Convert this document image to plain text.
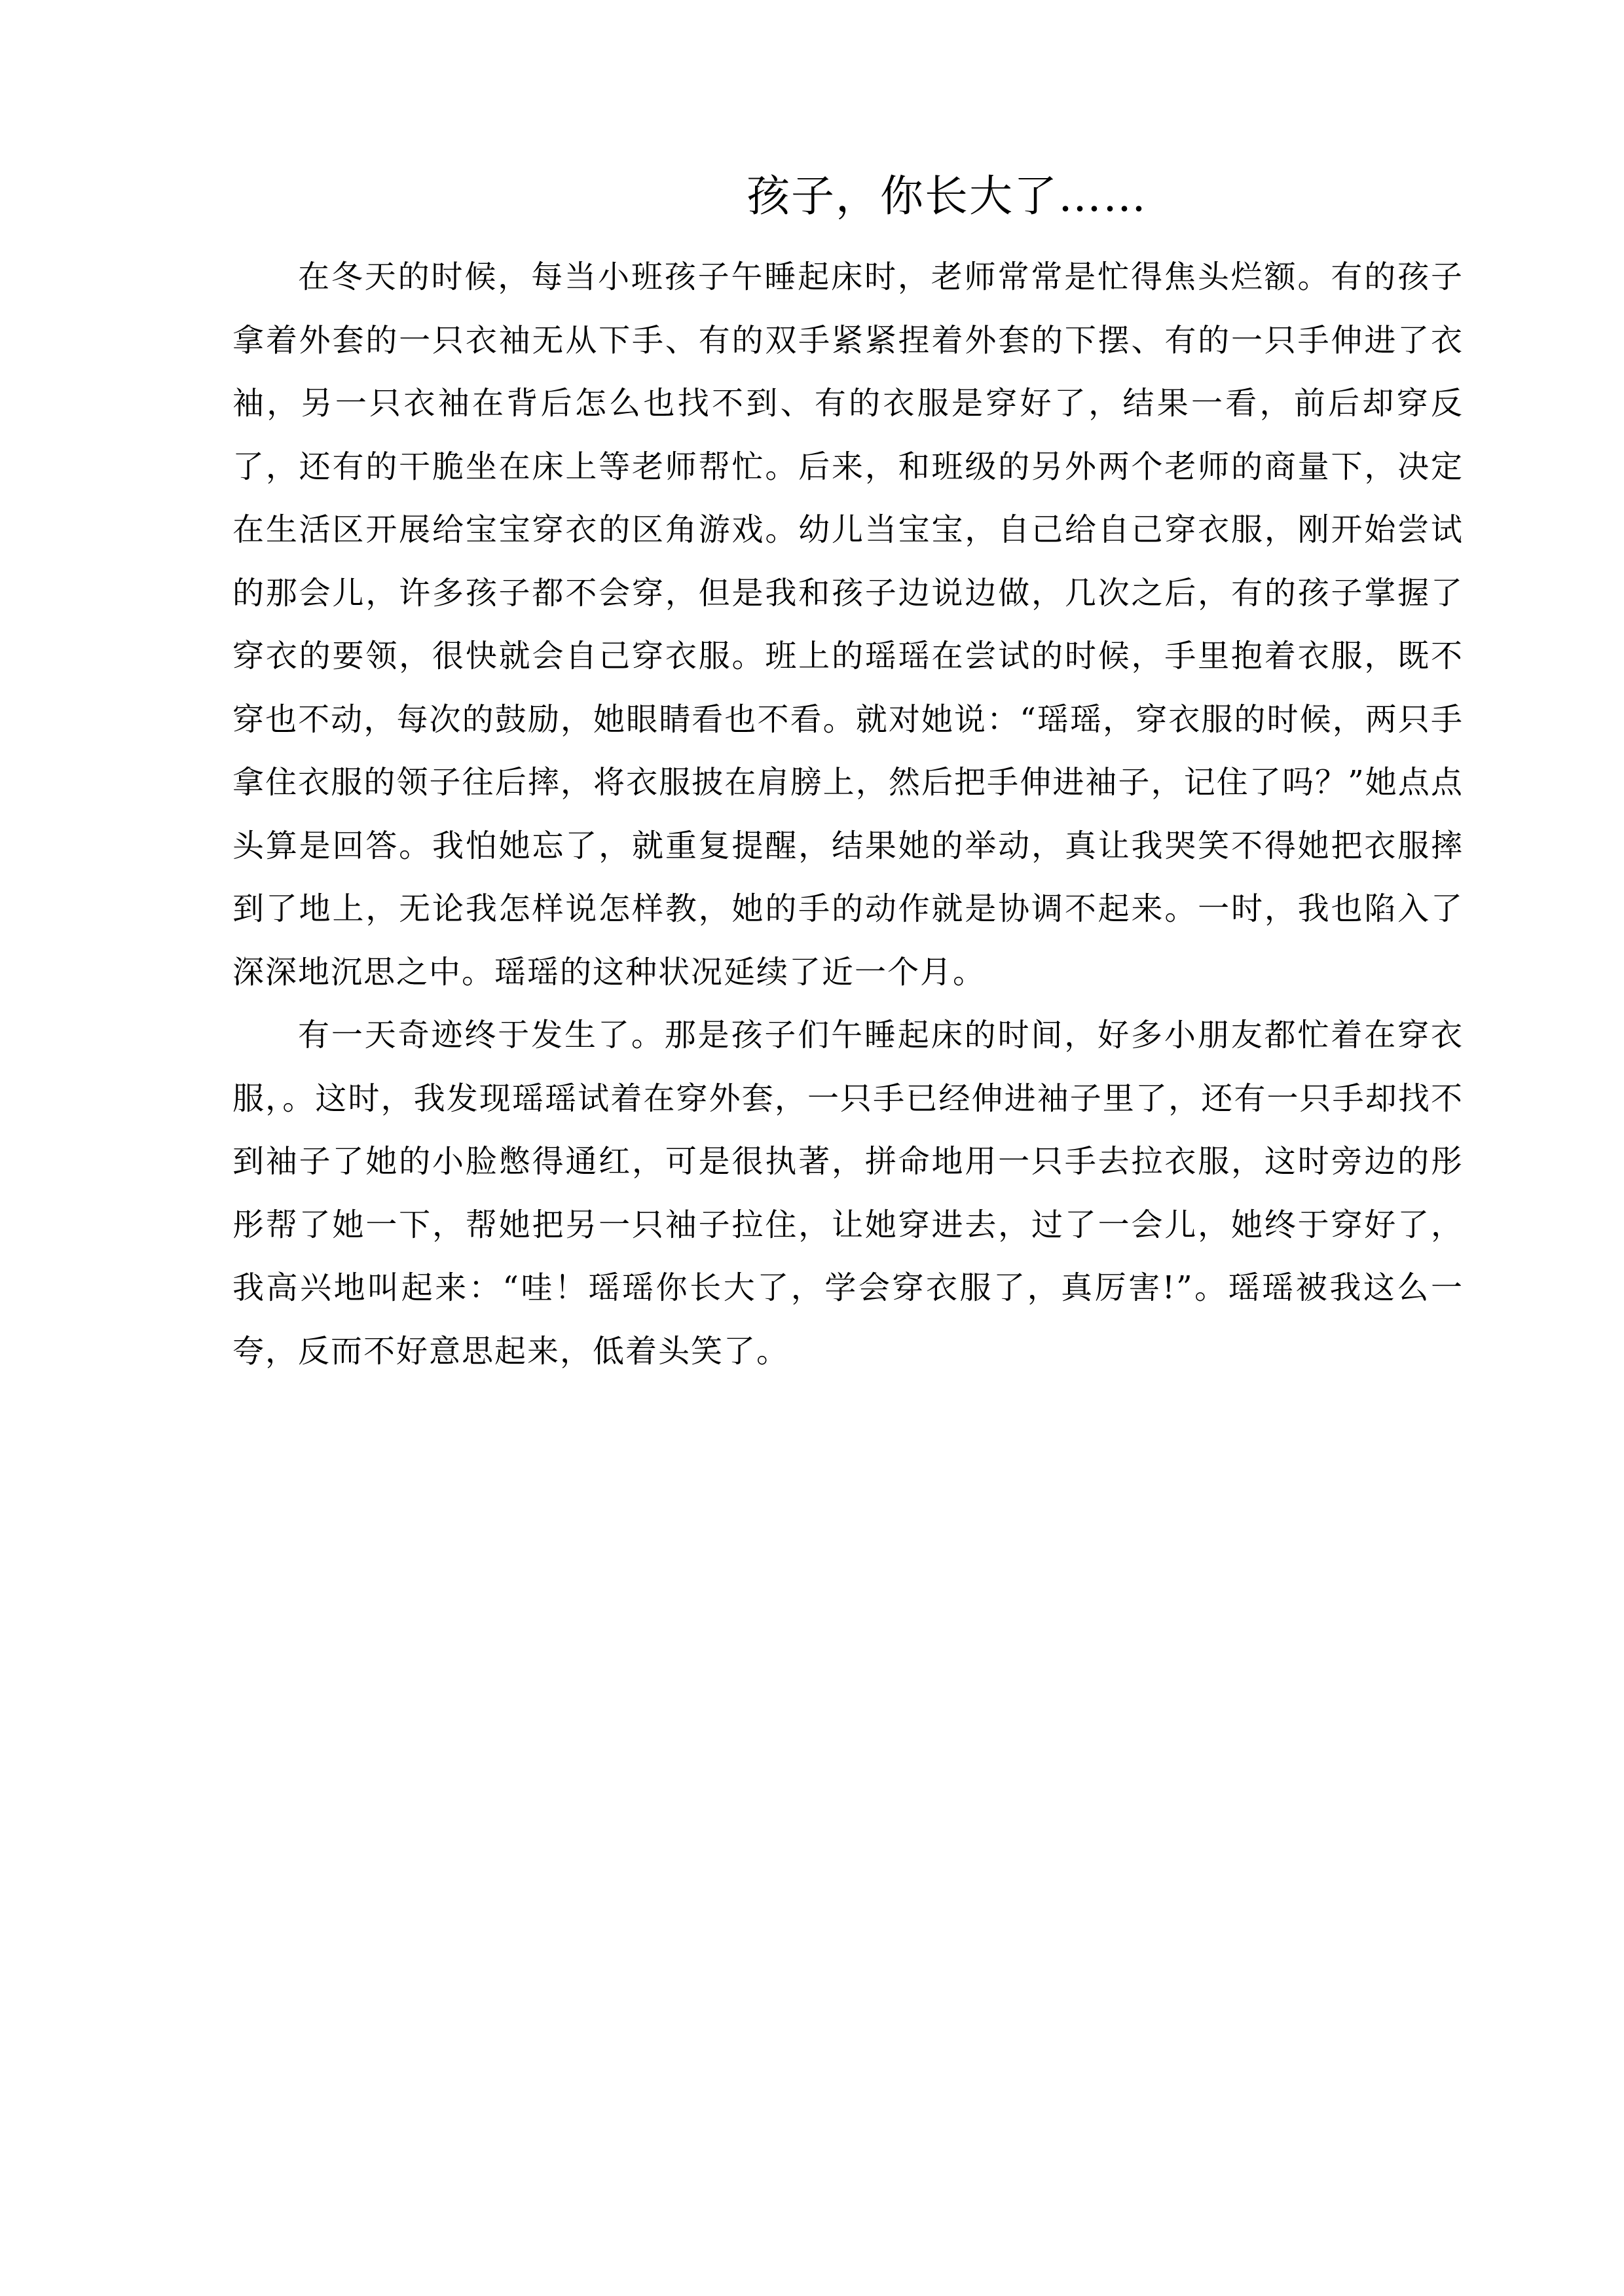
孩子，你长大了……

在冬天的时候，每当小班孩子午睡起床时，老师常常是忙得焦头烂额。有的孩子拿着外套的一只衣袖无从下手、有的双手紧紧捏着外套的下摆、有的一只手伸进了衣袖，另一只衣袖在背后怎么也找不到、有的衣服是穿好了，结果一看，前后却穿反了，还有的干脆坐在床上等老师帮忙。后来，和班级的另外两个老师的商量下，决定在生活区开展给宝宝穿衣的区角游戏。幼儿当宝宝，自己给自己穿衣服，刚开始尝试的那会儿，许多孩子都不会穿，但是我和孩子边说边做，几次之后，有的孩子掌握了穿衣的要领，很快就会自己穿衣服。班上的瑶瑶在尝试的时候，手里抱着衣服，既不穿也不动，每次的鼓励，她眼睛看也不看。就对她说：“瑶瑶，穿衣服的时候，两只手拿住衣服的领子往后摔，将衣服披在肩膀上，然后把手伸进袖子，记住了吗？”她点点头算是回答。我怕她忘了，就重复提醒，结果她的举动，真让我哭笑不得她把衣服摔到了地上，无论我怎样说怎样教，她的手的动作就是协调不起来。一时，我也陷入了深深地沉思之中。瑶瑶的这种状况延续了近一个月。

有一天奇迹终于发生了。那是孩子们午睡起床的时间，好多小朋友都忙着在穿衣服，。这时，我发现瑶瑶试着在穿外套，一只手已经伸进袖子里了，还有一只手却找不到袖子了她的小脸憋得通红，可是很执著，拼命地用一只手去拉衣服，这时旁边的彤彤帮了她一下，帮她把另一只袖子拉住，让她穿进去，过了一会儿，她终于穿好了，我高兴地叫起来：“哇！瑶瑶你长大了，学会穿衣服了，真厉害!”。瑶瑶被我这么一夸，反而不好意思起来，低着头笑了。
